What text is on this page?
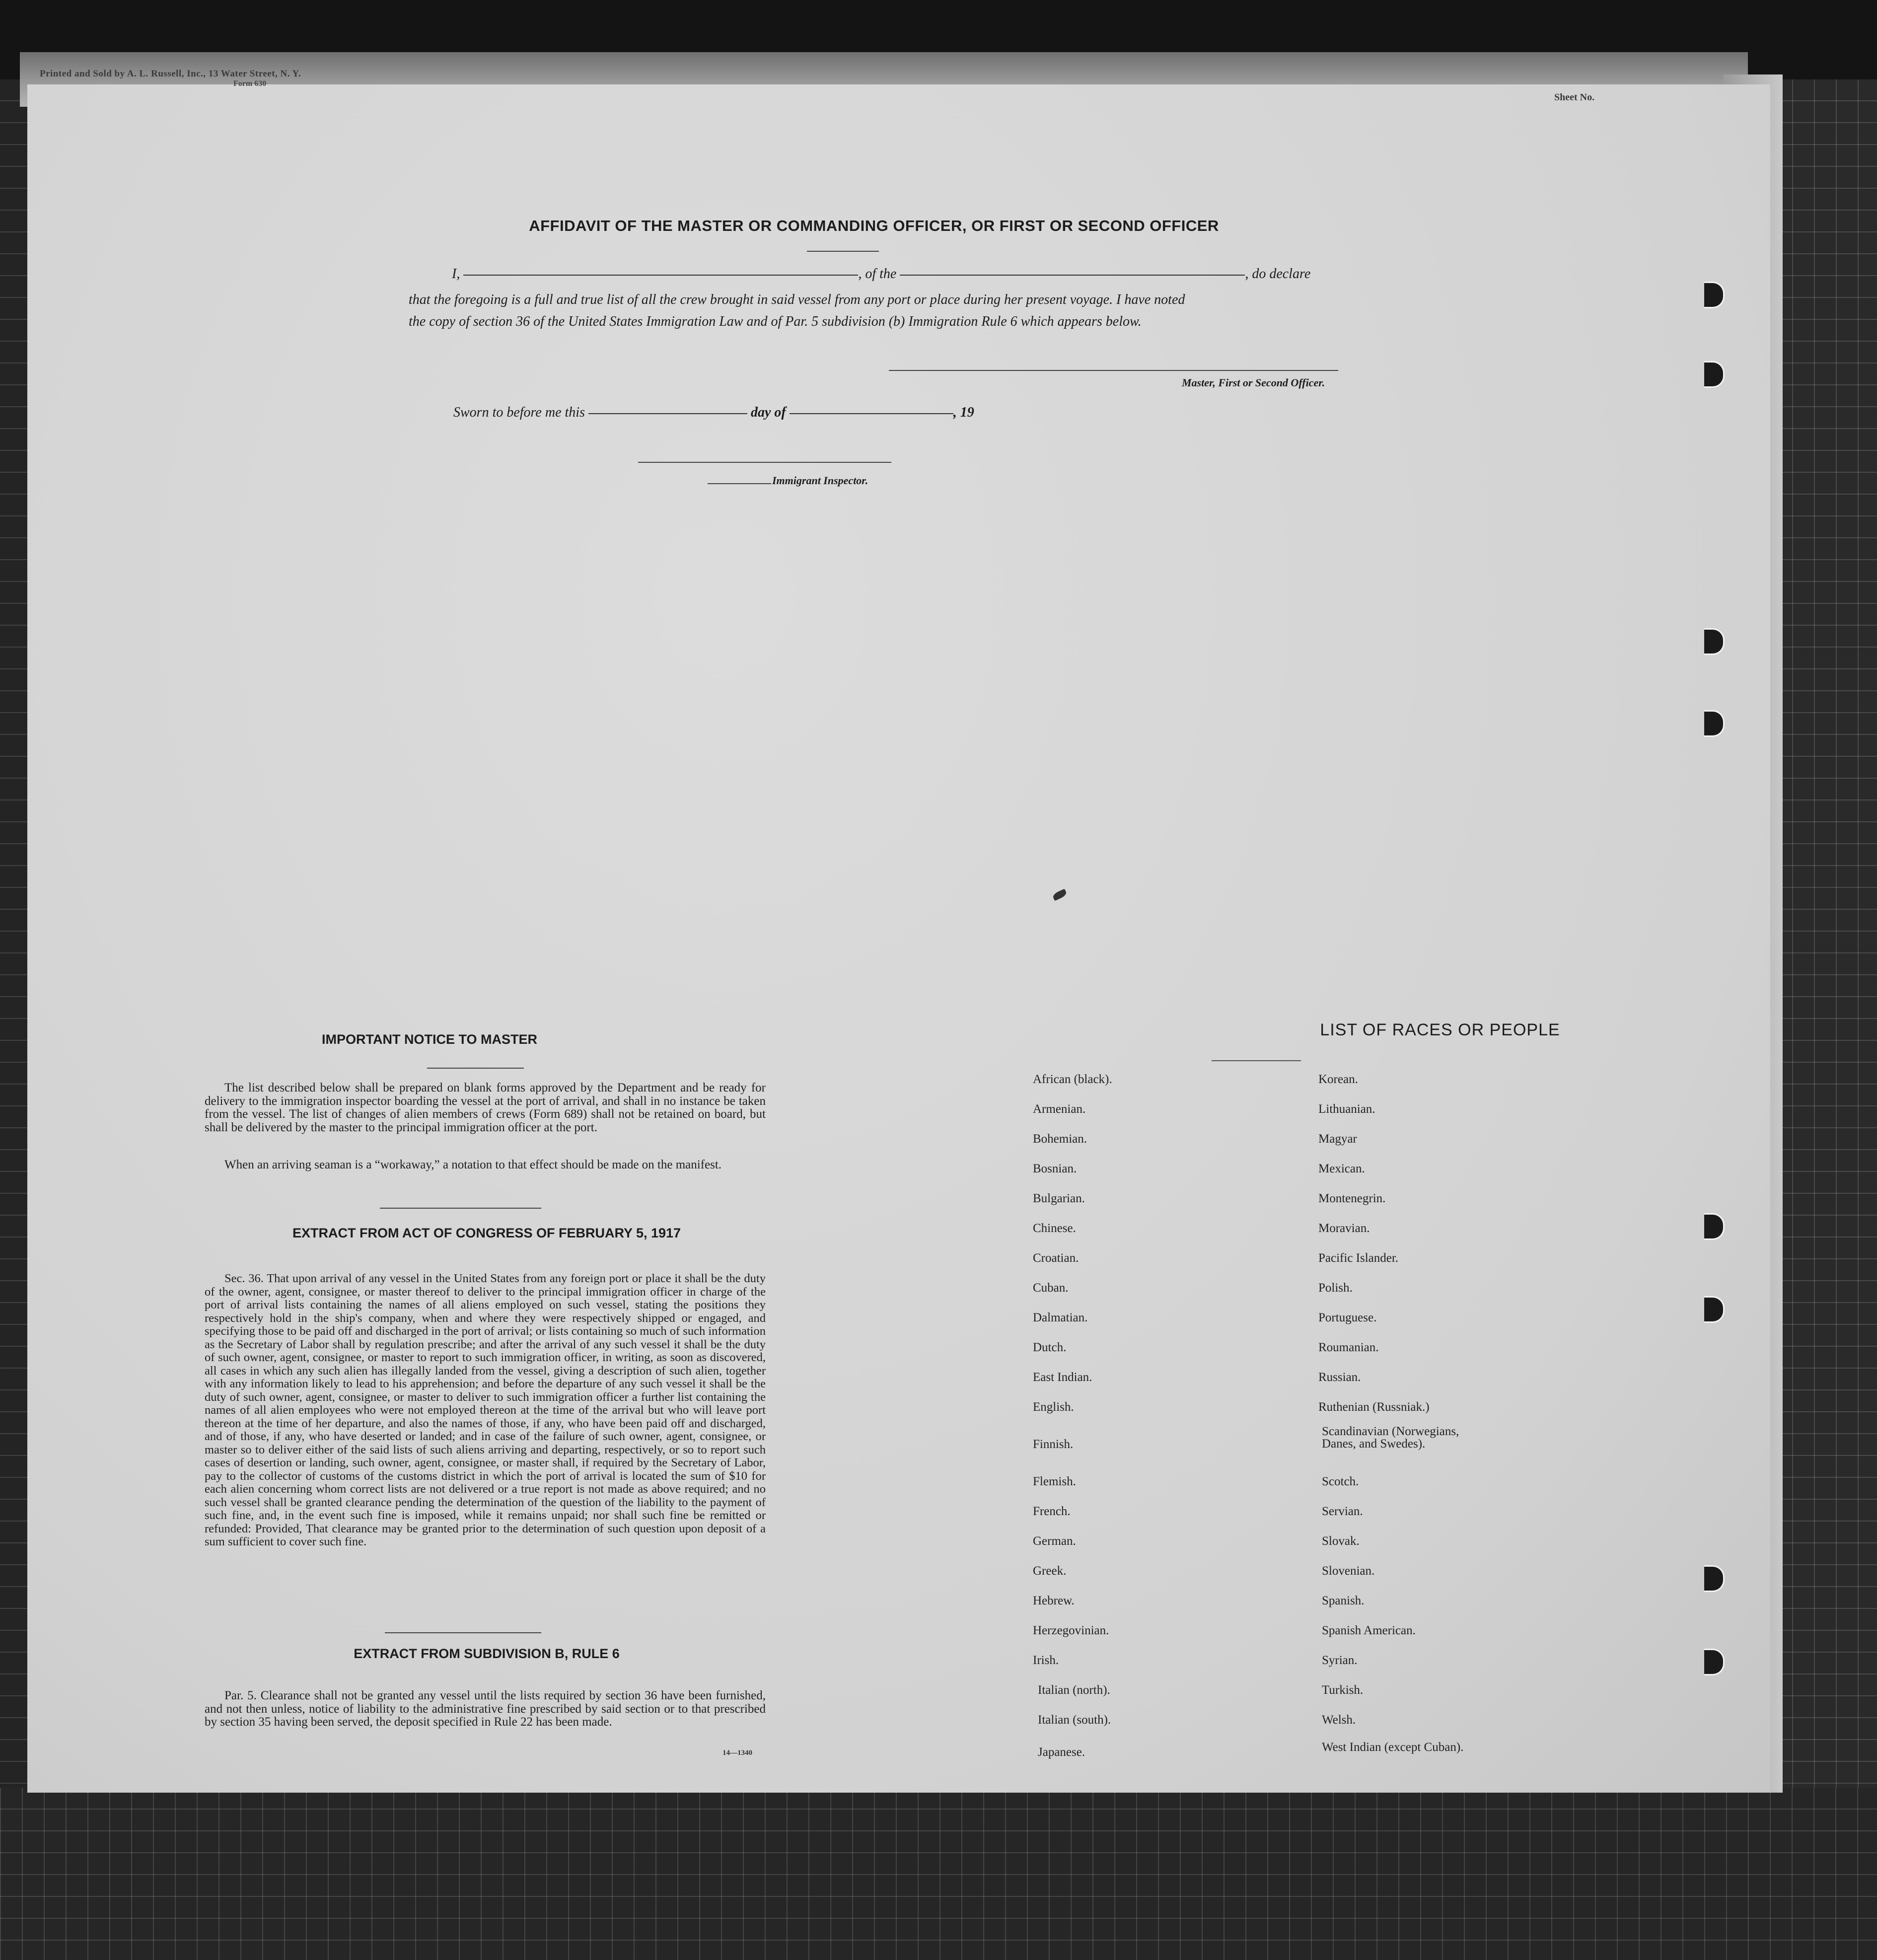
Printed and Sold by A. L. Russell, Inc., 13 Water Street, N. Y.
Form 630
Sheet No.
AFFIDAVIT OF THE MASTER OR COMMANDING OFFICER, OR FIRST OR SECOND OFFICER
I,	, of the	, do declare
that the foregoing is a full and true list of all the crew brought in said vessel from any port or place during her present voyage. I have noted
the copy of section 36 of the United States Immigration Law and of Par. 5 subdivision (b) Immigration Rule 6 which appears below.
Master, First or Second Officer.
Sworn to before me this	day of	, 19
Immigrant Inspector.
IMPORTANT NOTICE TO MASTER
The list described below shall be prepared on blank forms approved by the Department and be ready for delivery to the immigration inspector boarding the vessel at the port of arrival, and shall in no instance be taken from the vessel. The list of changes of alien members of crews (Form 689) shall not be retained on board, but shall be delivered by the master to the principal immigration officer at the port.
When an arriving seaman is a “workaway,” a notation to that effect should be made on the manifest.
EXTRACT FROM ACT OF CONGRESS OF FEBRUARY 5, 1917
Sec. 36. That upon arrival of any vessel in the United States from any foreign port or place it shall be the duty of the owner, agent, consignee, or master thereof to deliver to the principal immigration officer in charge of the port of arrival lists containing the names of all aliens employed on such vessel, stating the positions they respectively hold in the ship's company, when and where they were respectively shipped or engaged, and specifying those to be paid off and discharged in the port of arrival; or lists containing so much of such information as the Secretary of Labor shall by regulation prescribe; and after the arrival of any such vessel it shall be the duty of such owner, agent, consignee, or master to report to such immigration officer, in writing, as soon as discovered, all cases in which any such alien has illegally landed from the vessel, giving a description of such alien, together with any information likely to lead to his apprehension; and before the departure of any such vessel it shall be the duty of such owner, agent, consignee, or master to deliver to such immigration officer a further list containing the names of all alien employees who were not employed thereon at the time of the arrival but who will leave port thereon at the time of her departure, and also the names of those, if any, who have been paid off and discharged, and of those, if any, who have deserted or landed; and in case of the failure of such owner, agent, consignee, or master so to deliver either of the said lists of such aliens arriving and departing, respectively, or so to report such cases of desertion or landing, such owner, agent, consignee, or master shall, if required by the Secretary of Labor, pay to the collector of customs of the customs district in which the port of arrival is located the sum of $10 for each alien concerning whom correct lists are not delivered or a true report is not made as above required; and no such vessel shall be granted clearance pending the determination of the question of the liability to the payment of such fine, and, in the event such fine is imposed, while it remains unpaid; nor shall such fine be remitted or refunded: Provided, That clearance may be granted prior to the determination of such question upon deposit of a sum sufficient to cover such fine.
EXTRACT FROM SUBDIVISION B, RULE 6
Par. 5. Clearance shall not be granted any vessel until the lists required by section 36 have been furnished, and not then unless, notice of liability to the administrative fine prescribed by said section or to that prescribed by section 35 having been served, the deposit specified in Rule 22 has been made.
14—1340
LIST OF RACES OR PEOPLE
African (black).
Armenian.
Bohemian.
Bosnian.
Bulgarian.
Chinese.
Croatian.
Cuban.
Dalmatian.
Dutch.
East Indian.
English.
Finnish.
Flemish.
French.
German.
Greek.
Hebrew.
Herzegovinian.
Irish.
Italian (north).
Italian (south).
Japanese.
Korean.
Lithuanian.
Magyar
Mexican.
Montenegrin.
Moravian.
Pacific Islander.
Polish.
Portuguese.
Roumanian.
Russian.
Ruthenian (Russniak.)
Scandinavian (Norwegians, Danes, and Swedes).
Scotch.
Servian.
Slovak.
Slovenian.
Spanish.
Spanish American.
Syrian.
Turkish.
Welsh.
West Indian (except Cuban).
